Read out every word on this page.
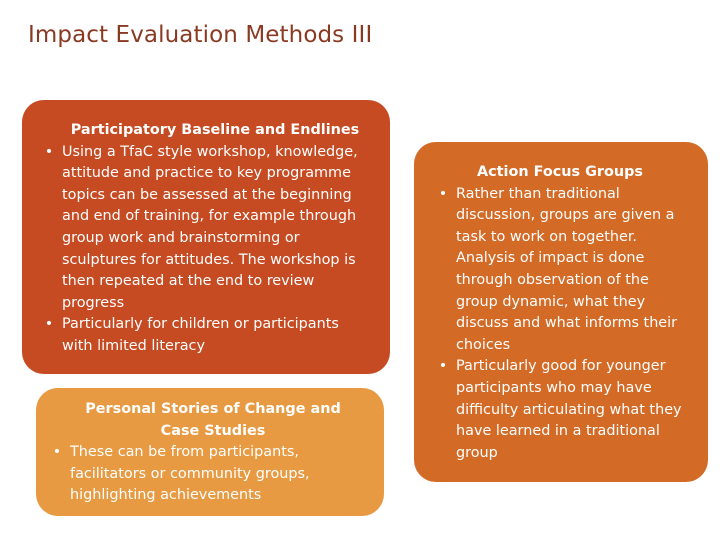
Impact Evaluation Methods III
Participatory Baseline and Endlines
• Using a TfaC style workshop, knowledge, attitude and practice to key programme topics can be assessed at the beginning and end of training, for example through group work and brainstorming or sculptures for attitudes. The workshop is then repeated at the end to review progress
• Particularly for children or participants with limited literacy
Personal Stories of Change and Case Studies
• These can be from participants, facilitators or community groups, highlighting achievements
Action Focus Groups
• Rather than traditional discussion, groups are given a task to work on together. Analysis of impact is done through observation of the group dynamic, what they discuss and what informs their choices
• Particularly good for younger participants who may have difficulty articulating what they have learned in a traditional group
